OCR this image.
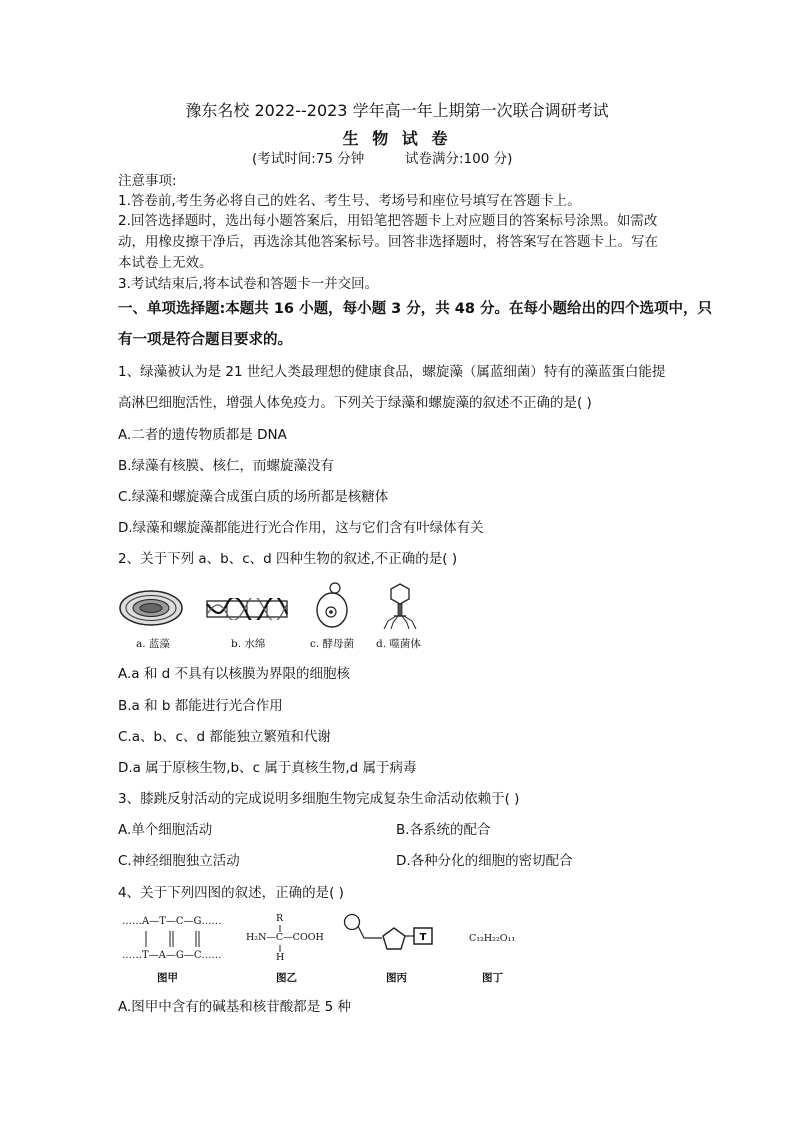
豫东名校 2022--2023 学年高一年上期第一次联合调研考试
生 物 试 卷
(考试时间:75 分钟	试卷满分:100 分)
注意事项:
1.答卷前,考生务必将自己的姓名、考生号、考场号和座位号填写在答题卡上。
2.回答选择题时，选出每小题答案后，用铅笔把答题卡上对应题目的答案标号涂黑。如需改
动，用橡皮擦干净后，再选涂其他答案标号。回答非选择题时，将答案写在答题卡上。写在
本试卷上无效。
3.考试结束后,将本试卷和答题卡一并交回。
一、单项选择题:本题共 16 小题，每小题 3 分，共 48 分。在每小题给出的四个选项中，只
有一项是符合题目要求的。
1、绿藻被认为是 21 世纪人类最理想的健康食品，螺旋藻（属蓝细菌）特有的藻蓝蛋白能提
高淋巴细胞活性，增强人体免疫力。下列关于绿藻和螺旋藻的叙述不正确的是( )
A.二者的遗传物质都是 DNA
B.绿藻有核膜、核仁，而螺旋藻没有
C.绿藻和螺旋藻合成蛋白质的场所都是核糖体
D.绿藻和螺旋藻都能进行光合作用，这与它们含有叶绿体有关
2、关于下列 a、b、c、d 四种生物的叙述,不正确的是( )
a. 蓝藻	b. 水绵	c. 酵母菌 d. 噬菌体
A.a 和 d 不具有以核膜为界限的细胞核
B.a 和 b 都能进行光合作用
C.a、b、c、d 都能独立繁殖和代谢
D.a 属于原核生物,b、c 属于真核生物,d 属于病毒
3、膝跳反射活动的完成说明多细胞生物完成复杂生命活动依赖于( )
A.单个细胞活动	B.各系统的配合
C.神经细胞独立活动	D.各种分化的细胞的密切配合
4、关于下列四图的叙述，正确的是( )
……A—T—C—G……
……T—A—G—C……
图甲
R
H₂N—C—COOH
H
图乙
T
图丙
C₁₂H₂₂O₁₁
图丁
A.图甲中含有的碱基和核苷酸都是 5 种
